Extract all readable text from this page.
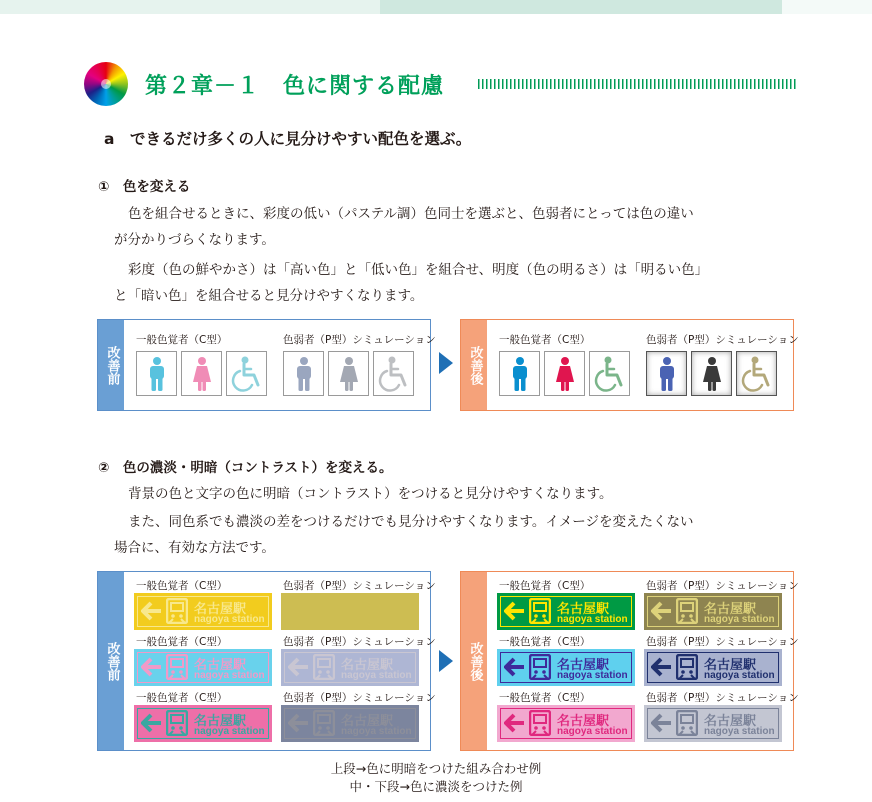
第２章－１　色に関する配慮
a　できるだけ多くの人に見分けやすい配色を選ぶ。
①　色を変える
色を組合せるときに、彩度の低い（パステル調）色同士を選ぶと、色弱者にとっては色の違い
が分かりづらくなります。
彩度（色の鮮やかさ）は「高い色」と「低い色」を組合せ、明度（色の明るさ）は「明るい色」
と「暗い色」を組合せると見分けやすくなります。
改善前
一般色覚者（C型）	色弱者（P型）シミュレーション
改善後
一般色覚者（C型）	色弱者（P型）シミュレーション
②　色の濃淡・明暗（コントラスト）を変える。
背景の色と文字の色に明暗（コントラスト）をつけると見分けやすくなります。
また、同色系でも濃淡の差をつけるだけでも見分けやすくなります。イメージを変えたくない
場合に、有効な方法です。
改善前
一般色覚者（C型）	色弱者（P型）シミュレーション
名古屋駅
nagoya station
一般色覚者（C型）	色弱者（P型）シミュレーション
名古屋駅
nagoya station
名古屋駅
nagoya station
一般色覚者（C型）	色弱者（P型）シミュレーション
名古屋駅
nagoya station
名古屋駅
nagoya station
改善後
一般色覚者（C型）	色弱者（P型）シミュレーション
名古屋駅
nagoya station
名古屋駅
nagoya station
一般色覚者（C型）	色弱者（P型）シミュレーション
名古屋駅
nagoya station
名古屋駅
nagoya station
一般色覚者（C型）	色弱者（P型）シミュレーション
名古屋駅
nagoya station
名古屋駅
nagoya station
上段→色に明暗をつけた組み合わせ例
中・下段→色に濃淡をつけた例
